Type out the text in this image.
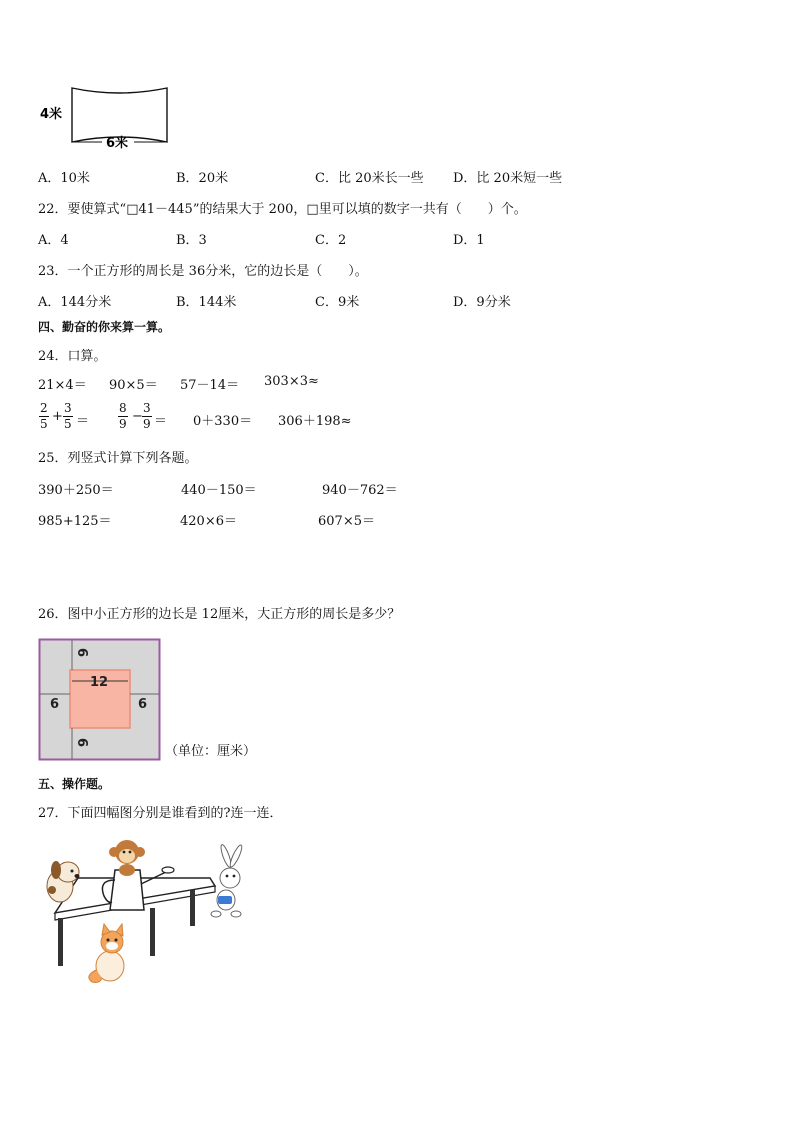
4米
6米
A．10米	B．20米	C．比 20米长一些 D．比 20米短一些
22．要使算式“□41－445”的结果大于 200，□里可以填的数字一共有（　　）个。
A．4	B．3	C．2	D．1
23．一个正方形的周长是 36分米，它的边长是（　　）。
A．144分米	B．144米	C．9米	D．9分米
四、勤奋的你来算一算。
24．口算。
21×4＝ 90×5＝ 57－14＝ 303×3≈
$\frac{2}{5} + \frac{3}{5} = \frac{8}{9} - \frac{3}{9} = 0+330= 306+198\approx$
25．列竖式计算下列各题。
390＋250＝	440－150＝	940－762＝
985+125＝	420×6＝	607×5＝
26．图中小正方形的边长是 12厘米，大正方形的周长是多少？
12
6
6
6	6
（单位：厘米）
五、操作题。
27．下面四幅图分别是谁看到的?连一连．
